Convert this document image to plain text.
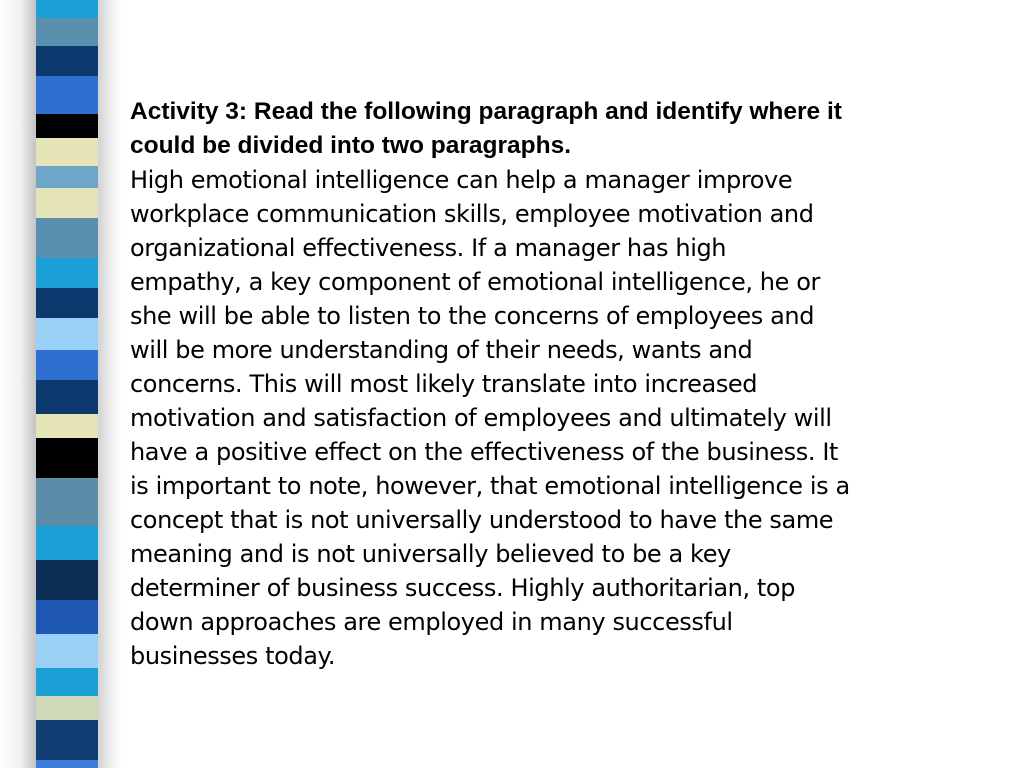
Activity 3: Read the following paragraph and identify where it
could be divided into two paragraphs.

High emotional intelligence can help a manager improve
workplace communication skills, employee motivation and
organizational effectiveness. If a manager has high
empathy, a key component of emotional intelligence, he or
she will be able to listen to the concerns of employees and
will be more understanding of their needs, wants and
concerns. This will most likely translate into increased
motivation and satisfaction of employees and ultimately will
have a positive effect on the effectiveness of the business. It
is important to note, however, that emotional intelligence is a
concept that is not universally understood to have the same
meaning and is not universally believed to be a key
determiner of business success. Highly authoritarian, top
down approaches are employed in many successful
businesses today.
